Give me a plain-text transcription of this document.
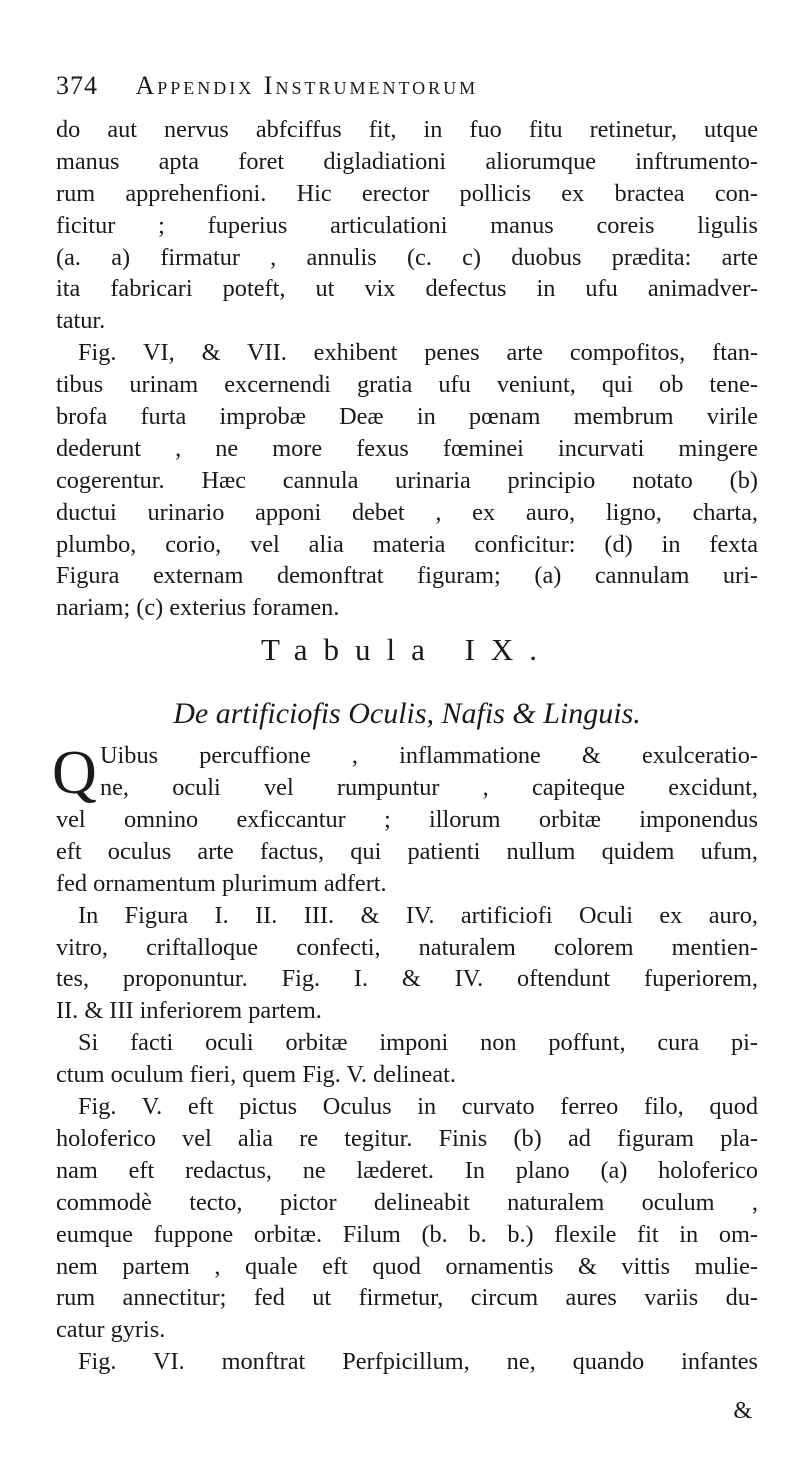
374 Appendix Instrumentorum
do aut nervus abfciffus fit, in fuo fitu retinetur, utque
manus apta foret digladiationi aliorumque inftrumento-
rum apprehenfioni. Hic erector pollicis ex bractea con-
ficitur ; fuperius articulationi manus coreis ligulis
(a. a) firmatur , annulis (c. c) duobus prædita: arte
ita fabricari poteft, ut vix defectus in ufu animadver-
tatur.
Fig. VI, & VII. exhibent penes arte compofitos, ftan-
tibus urinam excernendi gratia ufu veniunt, qui ob tene-
brofa furta improbæ Deæ in pœnam membrum virile
dederunt , ne more fexus fœminei incurvati mingere
cogerentur. Hæc cannula urinaria principio notato (b)
ductui urinario apponi debet , ex auro, ligno, charta,
plumbo, corio, vel alia materia conficitur: (d) in fexta
Figura externam demonftrat figuram; (a) cannulam uri-
nariam; (c) exterius foramen.
Tabula IX.
De artificiofis Oculis, Nafis & Linguis.
Q Uibus percuffione , inflammatione & exulceratio-
ne, oculi vel rumpuntur , capiteque excidunt,
vel omnino exficcantur ; illorum orbitæ imponendus
eft oculus arte factus, qui patienti nullum quidem ufum,
fed ornamentum plurimum adfert.
In Figura I. II. III. & IV. artificiofi Oculi ex auro,
vitro, criftalloque confecti, naturalem colorem mentien-
tes, proponuntur. Fig. I. & IV. oftendunt fuperiorem,
II. & III inferiorem partem.
Si facti oculi orbitæ imponi non poffunt, cura pi-
ctum oculum fieri, quem Fig. V. delineat.
Fig. V. eft pictus Oculus in curvato ferreo filo, quod
holoferico vel alia re tegitur. Finis (b) ad figuram pla-
nam eft redactus, ne læderet. In plano (a) holoferico
commodè tecto, pictor delineabit naturalem oculum ,
eumque fuppone orbitæ. Filum (b. b. b.) flexile fit in om-
nem partem , quale eft quod ornamentis & vittis mulie-
rum annectitur; fed ut firmetur, circum aures variis du-
catur gyris.
Fig. VI. monftrat Perfpicillum, ne, quando infantes
&
